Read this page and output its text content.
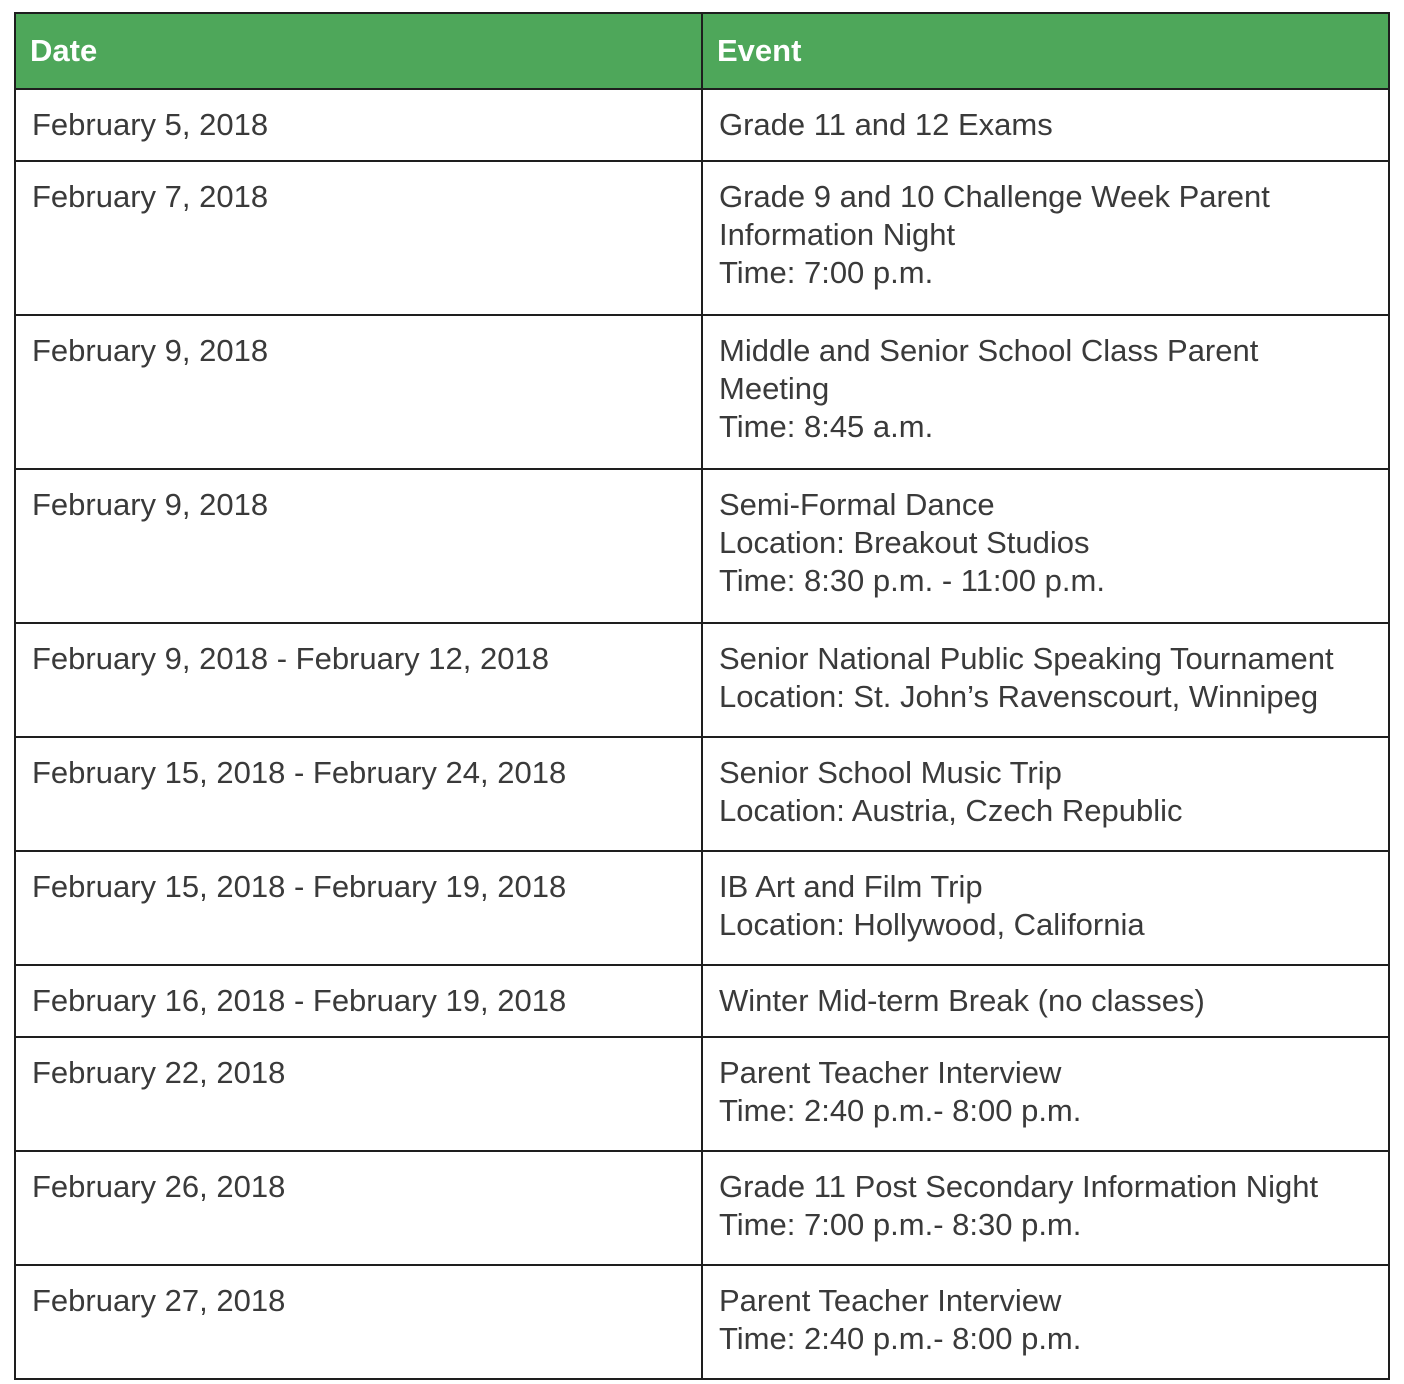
Date	Event

February 5, 2018	Grade 11 and 12 Exams

February 7, 2018	Grade 9 and 10 Challenge Week Parent
Information Night
Time: 7:00 p.m.

February 9, 2018	Middle and Senior School Class Parent
Meeting
Time: 8:45 a.m.

February 9, 2018	Semi-Formal Dance
Location: Breakout Studios
Time: 8:30 p.m. - 11:00 p.m.

February 9, 2018 - February 12, 2018	Senior National Public Speaking Tournament
Location: St. John’s Ravenscourt, Winnipeg

February 15, 2018 - February 24, 2018	Senior School Music Trip
Location: Austria, Czech Republic

February 15, 2018 - February 19, 2018	IB Art and Film Trip
Location: Hollywood, California

February 16, 2018 - February 19, 2018	Winter Mid-term Break (no classes)

February 22, 2018	Parent Teacher Interview
Time: 2:40 p.m.- 8:00 p.m.

February 26, 2018	Grade 11 Post Secondary Information Night
Time: 7:00 p.m.- 8:30 p.m.

February 27, 2018	Parent Teacher Interview
Time: 2:40 p.m.- 8:00 p.m.
